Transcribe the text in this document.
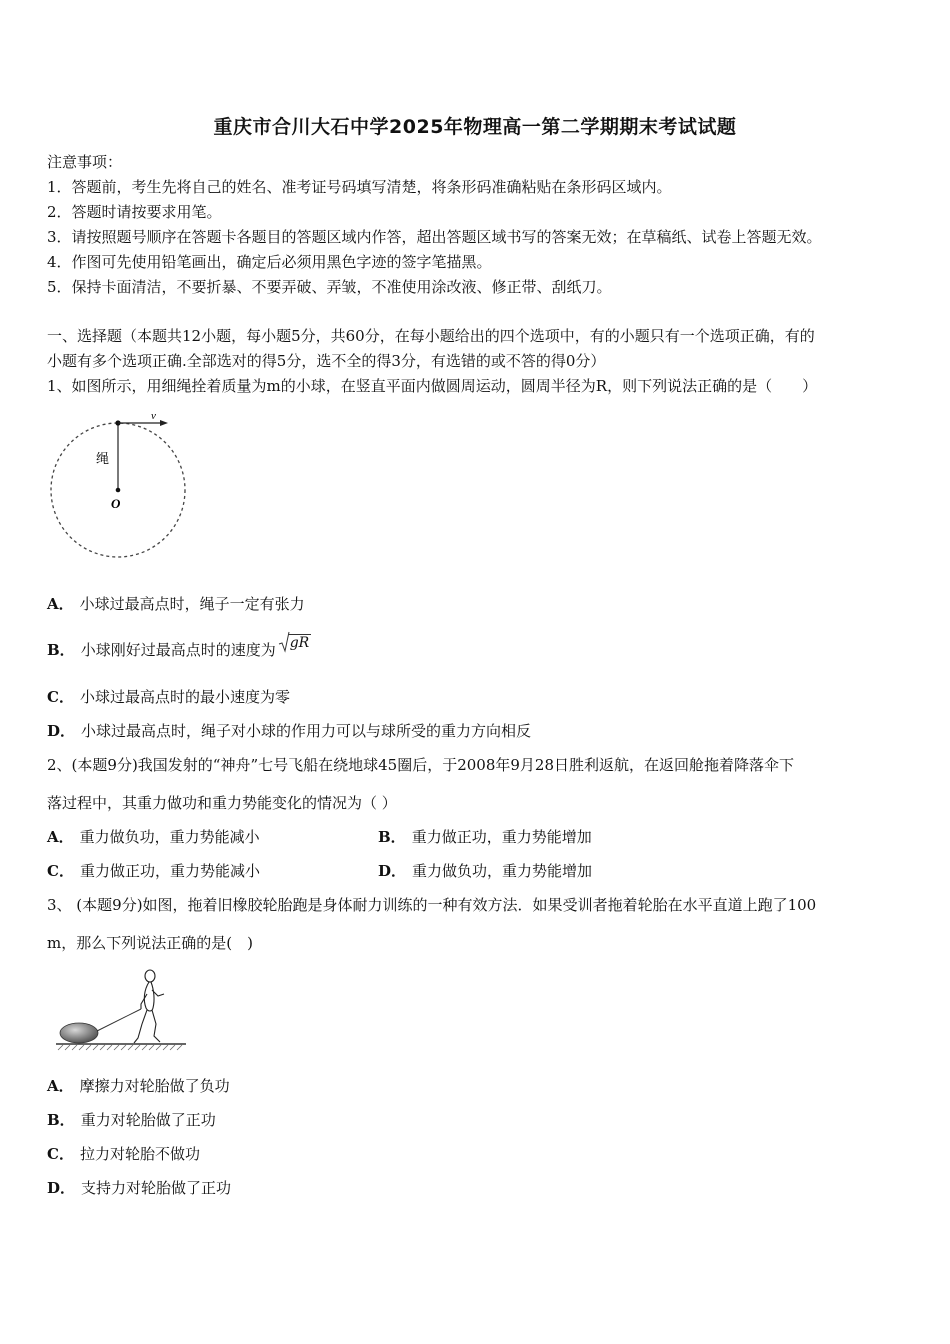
重庆市合川大石中学2025年物理高一第二学期期末考试试题
注意事项：
1．答题前，考生先将自己的姓名、准考证号码填写清楚，将条形码准确粘贴在条形码区域内。
2．答题时请按要求用笔。
3．请按照题号顺序在答题卡各题目的答题区域内作答，超出答题区域书写的答案无效；在草稿纸、试卷上答题无效。
4．作图可先使用铅笔画出，确定后必须用黑色字迹的签字笔描黑。
5．保持卡面清洁，不要折暴、不要弄破、弄皱，不准使用涂改液、修正带、刮纸刀。
一、选择题（本题共12小题，每小题5分，共60分，在每小题给出的四个选项中，有的小题只有一个选项正确，有的
小题有多个选项正确.全部选对的得5分，选不全的得3分，有选错的或不答的得0分）
1、如图所示，用细绳拴着质量为m的小球，在竖直平面内做圆周运动，圆周半径为R，则下列说法正确的是（　　）
v
绳
O
A． 小球过最高点时，绳子一定有张力
B． 小球刚好过最高点时的速度为 gR
C． 小球过最高点时的最小速度为零
D． 小球过最高点时，绳子对小球的作用力可以与球所受的重力方向相反
2、(本题9分)我国发射的“神舟”七号飞船在绕地球45圈后，于2008年9月28日胜利返航，在返回舱拖着降落伞下
落过程中，其重力做功和重力势能变化的情况为（ ）
A． 重力做负功，重力势能减小	B． 重力做正功，重力势能增加
C． 重力做正功，重力势能减小	D． 重力做负功，重力势能增加
3、 (本题9分)如图，拖着旧橡胶轮胎跑是身体耐力训练的一种有效方法．如果受训者拖着轮胎在水平直道上跑了100
m，那么下列说法正确的是(　)
A． 摩擦力对轮胎做了负功
B． 重力对轮胎做了正功
C． 拉力对轮胎不做功
D． 支持力对轮胎做了正功
